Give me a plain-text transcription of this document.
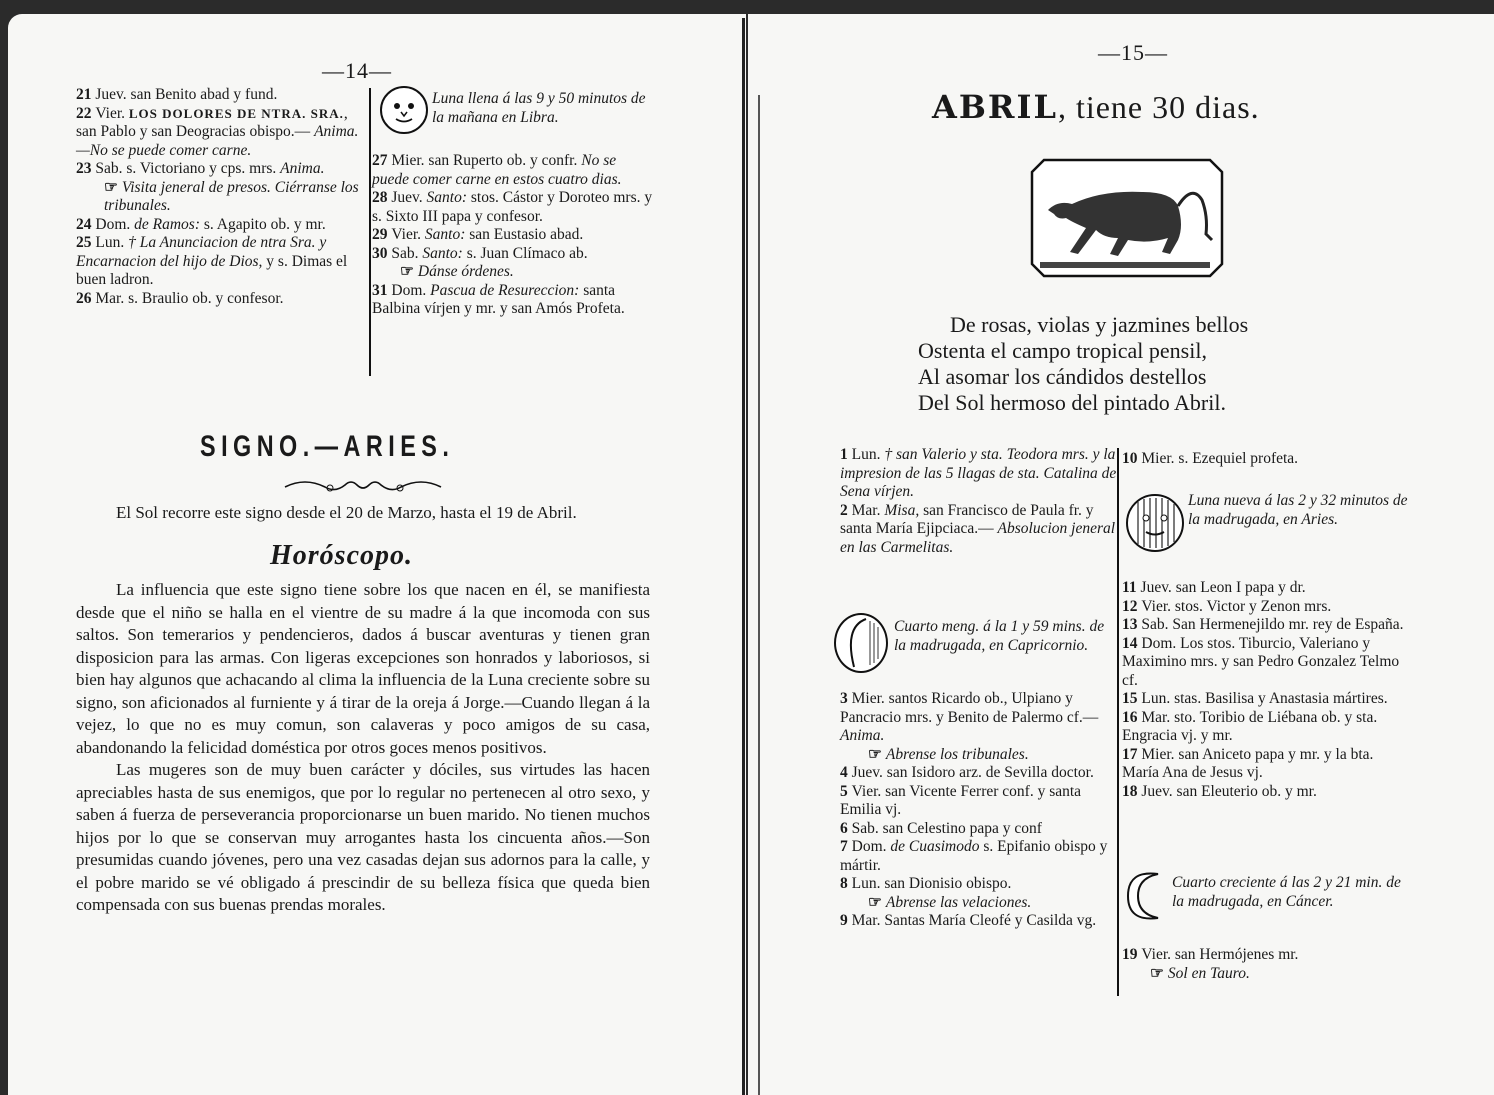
—14—
21 Juev. san Benito abad y fund.
22 Vier. LOS DOLORES DE NTRA. SRA., san Pablo y san Deogracias obispo.— Anima.—No se puede comer carne.
23 Sab. s. Victoriano y cps. mrs. Anima.
☞ Visita jeneral de presos. Ciérranse los tribunales.
24 Dom. de Ramos: s. Agapito ob. y mr.
25 Lun. † La Anunciacion de ntra Sra. y Encarnacion del hijo de Dios, y s. Dimas el buen ladron.
26 Mar. s. Braulio ob. y confesor.
Luna llena á las 9 y 50 minutos de la mañana en Libra.
27 Mier. san Ruperto ob. y confr. No se puede comer carne en estos cuatro dias.
28 Juev. Santo: stos. Cástor y Doroteo mrs. y s. Sixto III papa y confesor.
29 Vier. Santo: san Eustasio abad.
30 Sab. Santo: s. Juan Clímaco ab.
☞ Dánse órdenes.
31 Dom. Pascua de Resureccion: santa Balbina vírjen y mr. y san Amós Profeta.
SIGNO.—ARIES.

El Sol recorre este signo desde el 20 de Marzo, hasta el 19 de Abril.

Horóscopo.

La influencia que este signo tiene sobre los que nacen en él, se manifiesta desde que el niño se halla en el vientre de su madre á la que incomoda con sus saltos. Son temerarios y pendencieros, dados á buscar aventuras y tienen gran disposicion para las armas. Con ligeras excepciones son honrados y laboriosos, si bien hay algunos que achacando al clima la influencia de la Luna creciente sobre su signo, son aficionados al furniente y á tirar de la oreja á Jorge.—Cuando llegan á la vejez, lo que no es muy comun, son calaveras y poco amigos de su casa, abandonando la felicidad doméstica por otros goces menos positivos.

Las mugeres son de muy buen carácter y dóciles, sus virtudes las hacen apreciables hasta de sus enemigos, que por lo regular no pertenecen al otro sexo, y saben á fuerza de perseverancia proporcionarse un buen marido. No tienen muchos hijos por lo que se conservan muy arrogantes hasta los cincuenta años.—Son presumidas cuando jóvenes, pero una vez casadas dejan sus adornos para la calle, y el pobre marido se vé obligado á prescindir de su belleza física que queda bien compensada con sus buenas prendas morales.

—15—
ABRIL, tiene 30 dias.
De rosas, violas y jazmines bellos
Ostenta el campo tropical pensil,
Al asomar los cándidos destellos
Del Sol hermoso del pintado Abril.
1 Lun. † san Valerio y sta. Teodora mrs. y la impresion de las 5 llagas de sta. Catalina de Sena vírjen.
2 Mar. Misa, san Francisco de Paula fr. y santa María Ejipciaca.— Absolucion jeneral en las Carmelitas.
Cuarto meng. á la 1 y 59 mins. de la madrugada, en Capricornio.
3 Mier. santos Ricardo ob., Ulpiano y Pancracio mrs. y Benito de Palermo cf.— Anima.
☞ Abrense los tribunales.
4 Juev. san Isidoro arz. de Sevilla doctor.
5 Vier. san Vicente Ferrer conf. y santa Emilia vj.
6 Sab. san Celestino papa y conf
7 Dom. de Cuasimodo s. Epifanio obispo y mártir.
8 Lun. san Dionisio obispo.
☞ Abrense las velaciones.
9 Mar. Santas María Cleofé y Casilda vg.
10 Mier. s. Ezequiel profeta.
Luna nueva á las 2 y 32 minutos de la madrugada, en Aries.
11 Juev. san Leon I papa y dr.
12 Vier. stos. Victor y Zenon mrs.
13 Sab. San Hermenejildo mr. rey de España.
14 Dom. Los stos. Tiburcio, Valeriano y Maximino mrs. y san Pedro Gonzalez Telmo cf.
15 Lun. stas. Basilisa y Anastasia mártires.
16 Mar. sto. Toribio de Liébana ob. y sta. Engracia vj. y mr.
17 Mier. san Aniceto papa y mr. y la bta. María Ana de Jesus vj.
18 Juev. san Eleuterio ob. y mr.
Cuarto creciente á las 2 y 21 min. de la madrugada, en Cáncer.
19 Vier. san Hermójenes mr.
☞ Sol en Tauro.
